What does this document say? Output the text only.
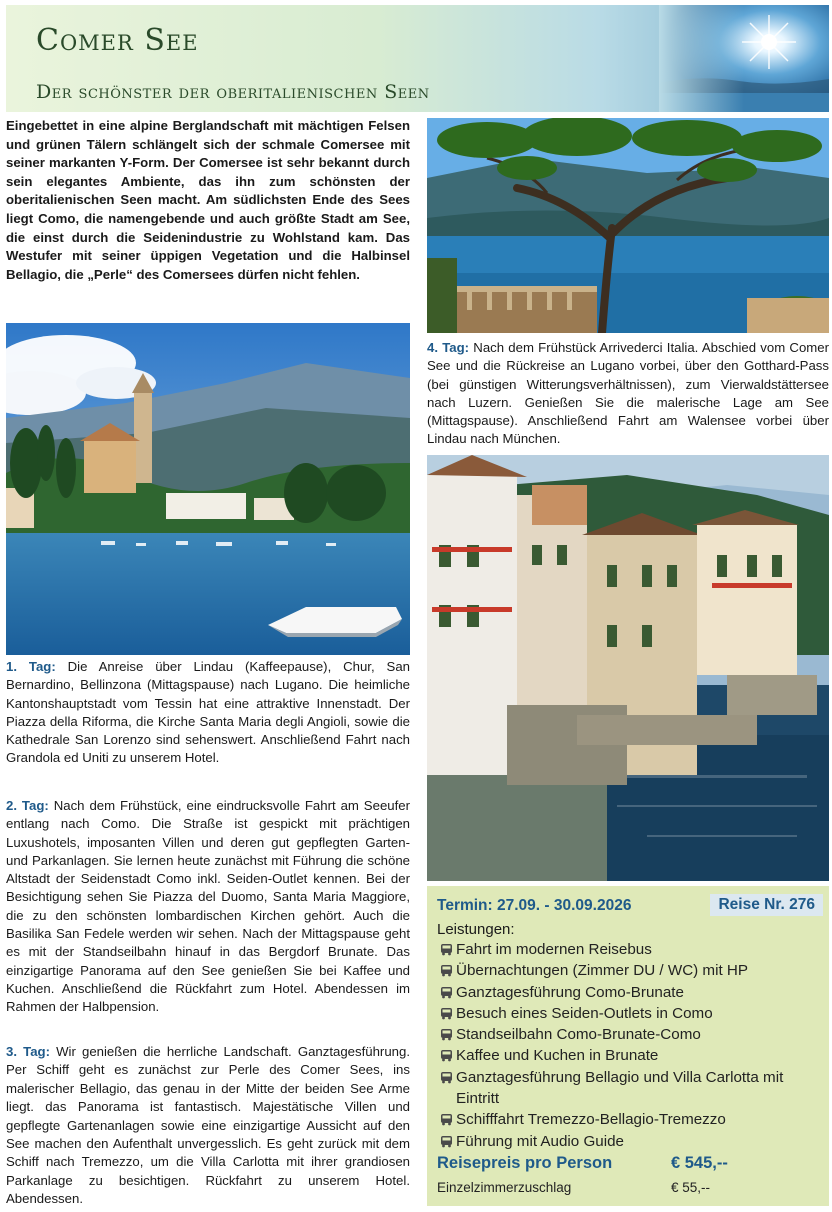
Comer See
Der schönster der oberitalienischen Seen
Eingebettet in eine alpine Berglandschaft mit mächtigen Felsen und grünen Tälern schlängelt sich der schmale Comersee mit seiner markanten Y-Form. Der Comersee ist sehr bekannt durch sein elegantes Ambiente, das ihn zum schönsten der oberitalienischen Seen macht. Am südlichsten Ende des Sees liegt Como, die namengebende und auch größte Stadt am See, die einst durch die Seidenindustrie zu Wohlstand kam. Das Westufer mit seiner üppigen Vegetation und die Halbinsel Bellagio, die „Perle“ des Comersees dürfen nicht fehlen.
1. Tag: Die Anreise über Lindau (Kaffeepause), Chur, San Bernardino, Bellinzona (Mittagspause) nach Lugano. Die heimliche Kantonshauptstadt vom Tessin hat eine attraktive Innenstadt. Der Piazza della Riforma, die Kirche Santa Maria degli Angioli, sowie die Kathedrale San Lorenzo sind sehenswert. Anschließend Fahrt nach Grandola ed Uniti zu unserem Hotel.
2. Tag: Nach dem Frühstück, eine eindrucksvolle Fahrt am Seeufer entlang nach Como. Die Straße ist gespickt mit prächtigen Luxushotels, imposanten Villen und deren gut gepflegten Garten- und Parkanlagen. Sie lernen heute zunächst mit Führung die schöne Altstadt der Seidenstadt Como inkl. Seiden-Outlet kennen. Bei der Besichtigung sehen Sie Piazza del Duomo, Santa Maria Maggiore, die zu den schönsten lombardischen Kirchen gehört. Auch die Basilika San Fedele werden wir sehen. Nach der Mittagspause geht es mit der Standseilbahn hinauf in das Bergdorf Brunate. Das einzigartige Panorama auf den See genießen Sie bei Kaffee und Kuchen. Anschließend die Rückfahrt zum Hotel. Abendessen im Rahmen der Halbpension.
3. Tag: Wir genießen die herrliche Landschaft. Ganztagesführung. Per Schiff geht es zunächst zur Perle des Comer Sees, ins malerischer Bellagio, das genau in der Mitte der beiden See Arme liegt. das Panorama ist fantastisch. Majestätische Villen und gepflegte Gartenanlagen sowie eine einzigartige Aussicht auf den See machen den Aufenthalt unvergesslich. Es geht zurück mit dem Schiff nach Tremezzo, um die Villa Carlotta mit ihrer grandiosen Parkanlage zu besichtigen. Rückfahrt zu unserem Hotel. Abendessen.
4. Tag: Nach dem Frühstück Arrivederci Italia. Abschied vom Comer See und die Rückreise an Lugano vorbei, über den Gotthard-Pass (bei günstigen Witterungsverhältnissen), zum Vierwaldstättersee nach Luzern. Genießen Sie die malerische Lage am See (Mittagspause). Anschließend Fahrt am Walensee vorbei über Lindau nach München.
Termin: 27.09. - 30.09.2026	Reise Nr. 276
Leistungen:
Fahrt im modernen Reisebus
Übernachtungen (Zimmer DU / WC) mit HP
Ganztagesführung Como-Brunate
Besuch eines Seiden-Outlets in Como
Standseilbahn Como-Brunate-Como
Kaffee und Kuchen in Brunate
Ganztagesführung Bellagio und Villa Carlotta mit Eintritt
Schifffahrt Tremezzo-Bellagio-Tremezzo
Führung mit Audio Guide
Reisepreis pro Person	€ 545,--
Einzelzimmerzuschlag	€ 55,--
